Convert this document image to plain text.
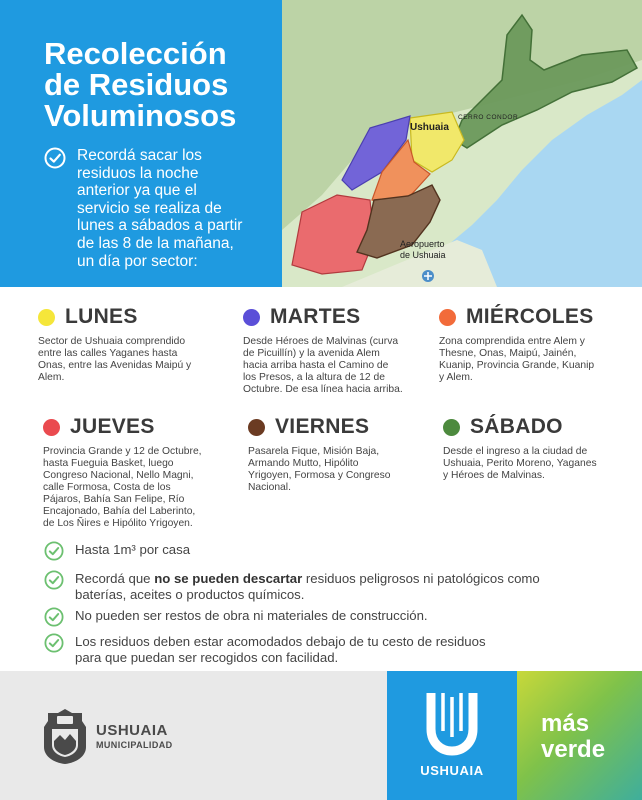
Recolección
de Residuos
Voluminosos
Recordá sacar los
residuos la noche
anterior ya que el
servicio se realiza de
lunes a sábados a partir
de las 8 de la mañana,
un día por sector:
Ushuaia
CERRO CONDOR
Aeropuerto
de Ushuaia
LUNES
Sector de Ushuaia comprendido
entre las calles Yaganes hasta
Onas, entre las Avenidas Maipú y
Alem.
MARTES
Desde Héroes de Malvinas (curva
de Picuillín) y la avenida Alem
hacia arriba hasta el Camino de
los Presos, a la altura de 12 de
Octubre. De esa línea hacia arriba.
MIÉRCOLES
Zona comprendida entre Alem y
Thesne, Onas, Maipú, Jainén,
Kuanip, Provincia Grande, Kuanip
y Alem.
JUEVES
Provincia Grande y 12 de Octubre,
hasta Fueguia Basket, luego
Congreso Nacional, Nello Magni,
calle Formosa, Costa de los
Pájaros, Bahía San Felipe, Río
Encajonado, Bahía del Laberinto,
de Los Ñires e Hipólito Yrigoyen.
VIERNES
Pasarela Fique, Misión Baja,
Armando Mutto, Hipólito
Yrigoyen, Formosa y Congreso
Nacional.
SÁBADO
Desde el ingreso a la ciudad de
Ushuaia, Perito Moreno, Yaganes
y Héroes de Malvinas.
Hasta 1m³ por casa
Recordá que no se pueden descartar residuos peligrosos ni patológicos como
baterías, aceites o productos químicos.
No pueden ser restos de obra ni materiales de construcción.
Los residuos deben estar acomodados debajo de tu cesto de residuos
para que puedan ser recogidos con facilidad.
USHUAIA
MUNICIPALIDAD
USHUAIA
más
verde
